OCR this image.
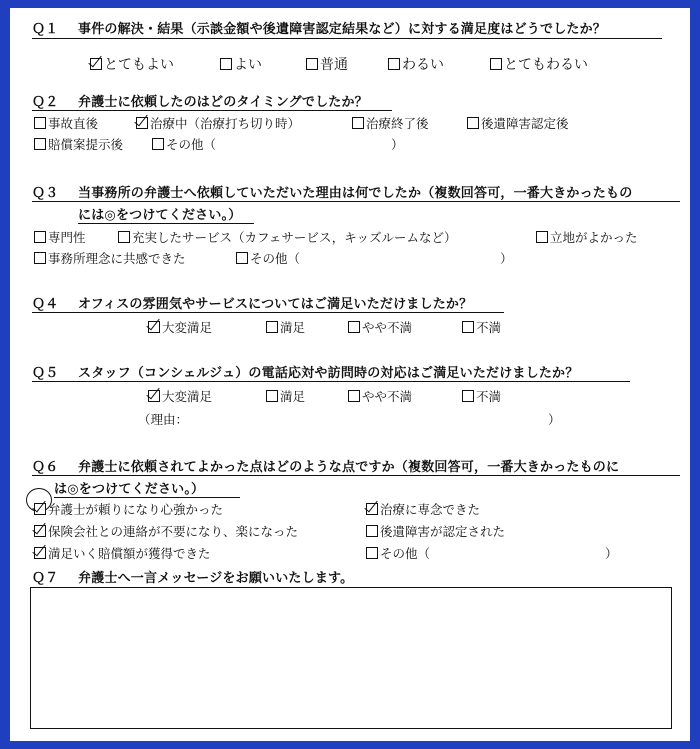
Ｑ１ 事件の解決・結果（示談金額や後遺障害認定結果など）に対する満足度はどうでしたか？
とてもよい	よい	普通	わるい	とてもわるい
Ｑ２ 弁護士に依頼したのはどのタイミングでしたか？
事故直後	治療中（治療打ち切り時）	治療終了後	後遺障害認定後
賠償案提示後	その他（　　　　　　　　　　　　　　）
Ｑ３ 当事務所の弁護士へ依頼していただいた理由は何でしたか（複数回答可，一番大きかったもの
には◎をつけてください。）
専門性	充実したサービス（カフェサービス，キッズルームなど）	立地がよかった
事務所理念に共感できた	その他（　　　　　　　　　　　　　　　　）
Ｑ４ オフィスの雰囲気やサービスについてはご満足いただけましたか？
大変満足	満足	やや不満	不満
Ｑ５ スタッフ（コンシェルジュ）の電話応対や訪問時の対応はご満足いただけましたか？
大変満足	満足	やや不満	不満
（理由：	）
Ｑ６ 弁護士に依頼されてよかった点はどのような点ですか（複数回答可，一番大きかったものに
は◎をつけてください。）
弁護士が頼りになり心強かった	治療に専念できた
保険会社との連絡が不要になり、楽になった	後遺障害が認定された
満足いく賠償額が獲得できた	その他（　　　　　　　　　　　　　　）
Ｑ７ 弁護士へ一言メッセージをお願いいたします。
